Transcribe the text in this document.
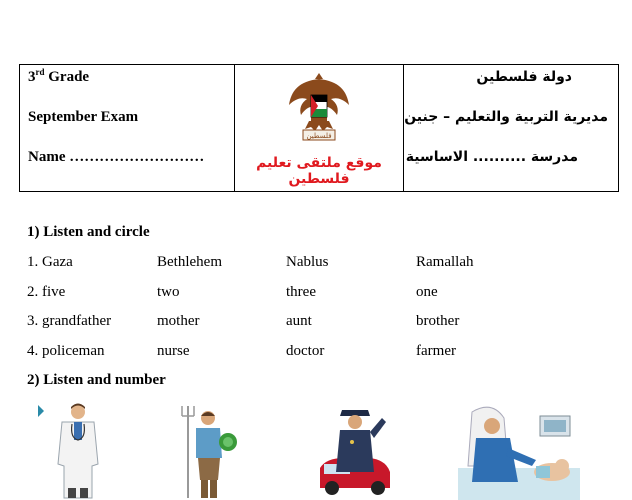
3rd Grade
September Exam
Name ………………………
فلسطين
موقع ملتقى تعليم فلسطين
دولة فلسطين
مديرية التربية والتعليم – جنين
مدرسة .......... الاساسية
1) Listen and circle
1. Gaza	Bethlehem	Nablus	Ramallah
2. five	two	three	one
3. grandfather	mother	aunt	brother
4. policeman	nurse	doctor	farmer
2) Listen and number
